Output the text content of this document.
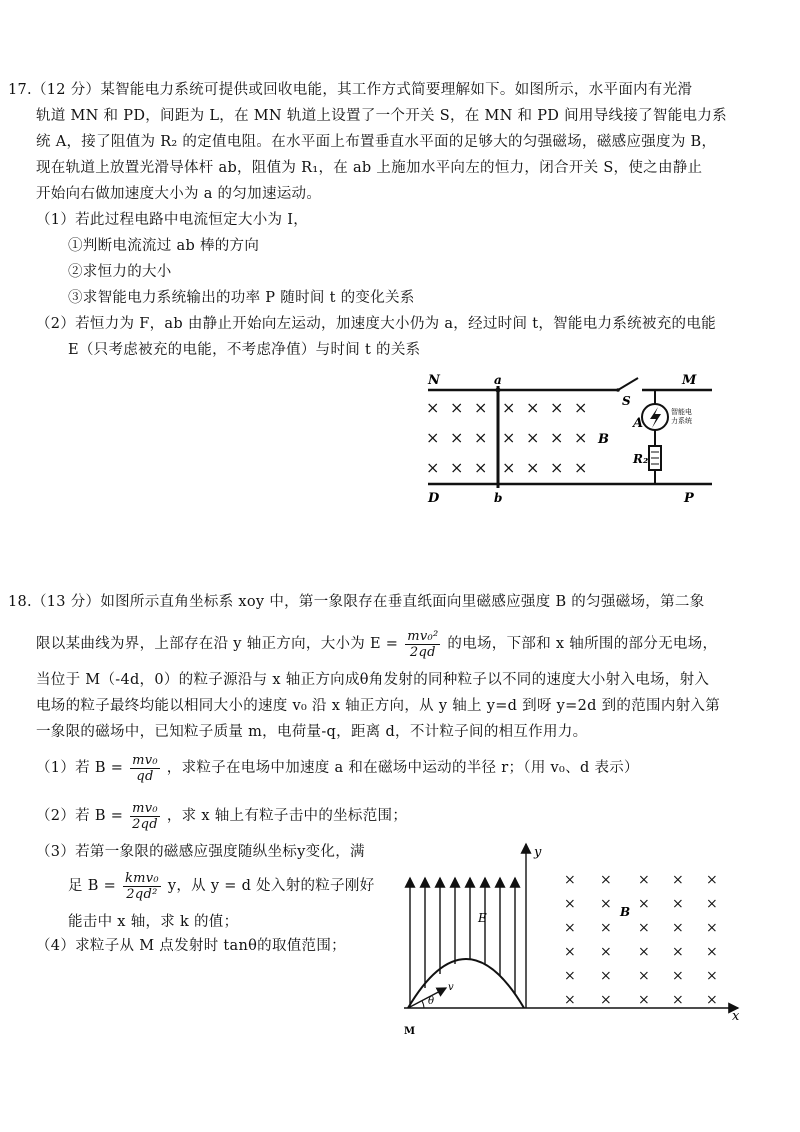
17.（12 分）某智能电力系统可提供或回收电能，其工作方式简要理解如下。如图所示，水平面内有光滑
轨道 MN 和 PD，间距为 L，在 MN 轨道上设置了一个开关 S，在 MN 和 PD 间用导线接了智能电力系
统 A，接了阻值为 R₂ 的定值电阻。在水平面上布置垂直水平面的足够大的匀强磁场，磁感应强度为 B，
现在轨道上放置光滑导体杆 ab，阻值为 R₁，在 ab 上施加水平向左的恒力，闭合开关 S，使之由静止
开始向右做加速度大小为 a 的匀加速运动。
（1）若此过程电路中电流恒定大小为 I，
①判断电流流过 ab 棒的方向
②求恒力的大小
③求智能电力系统输出的功率 P 随时间 t 的变化关系
（2）若恒力为 F，ab 由静止开始向左运动，加速度大小仍为 a，经过时间 t，智能电力系统被充的电能
E（只考虑被充的电能，不考虑净值）与时间 t 的关系
× × × × × × ×
× × × × × × ×
× × × × × × ×
N	a
S
M
智能电
力系统
A
B
R₂
D	b	P
18.（13 分）如图所示直角坐标系 xoy 中，第一象限存在垂直纸面向里磁感应强度 B 的匀强磁场，第二象
限以某曲线为界，上部存在沿 y 轴正方向，大小为 $E = \frac{\text{mv₀²}}{2qd}$ 的电场，下部和 x 轴所围的部分无电场，
当位于 M（-4d，0）的粒子源沿与 x 轴正方向成θ角发射的同种粒子以不同的速度大小射入电场，射入
电场的粒子最终均能以相同大小的速度 v₀ 沿 x 轴正方向，从 y 轴上 y=d 到呀 y=2d 到的范围内射入第
一象限的磁场中，已知粒子质量 m，电荷量-q，距离 d，不计粒子间的相互作用力。
（1）若 $B = \frac{\text{mv₀}}{qd}$ ，求粒子在电场中加速度 a 和在磁场中运动的半径 r；（用 v₀、d 表示）
（2）若 $B = \frac{\text{mv₀}}{2qd}$ ，求 x 轴上有粒子击中的坐标范围；
（3）若第一象限的磁感应强度随纵坐标y变化，满
足 $B = \frac{\text{kmv₀}}{\text{2qd²}}$ y，从 y = d 处入射的粒子刚好
能击中 x 轴，求 k 的值；
（4）求粒子从 M 点发射时 tanθ的取值范围；
× × × × ×
× × × × ×
× × × × ×
× × × × ×
× × × × ×
× × × × ×
y
x
E	B
v
θ
M
